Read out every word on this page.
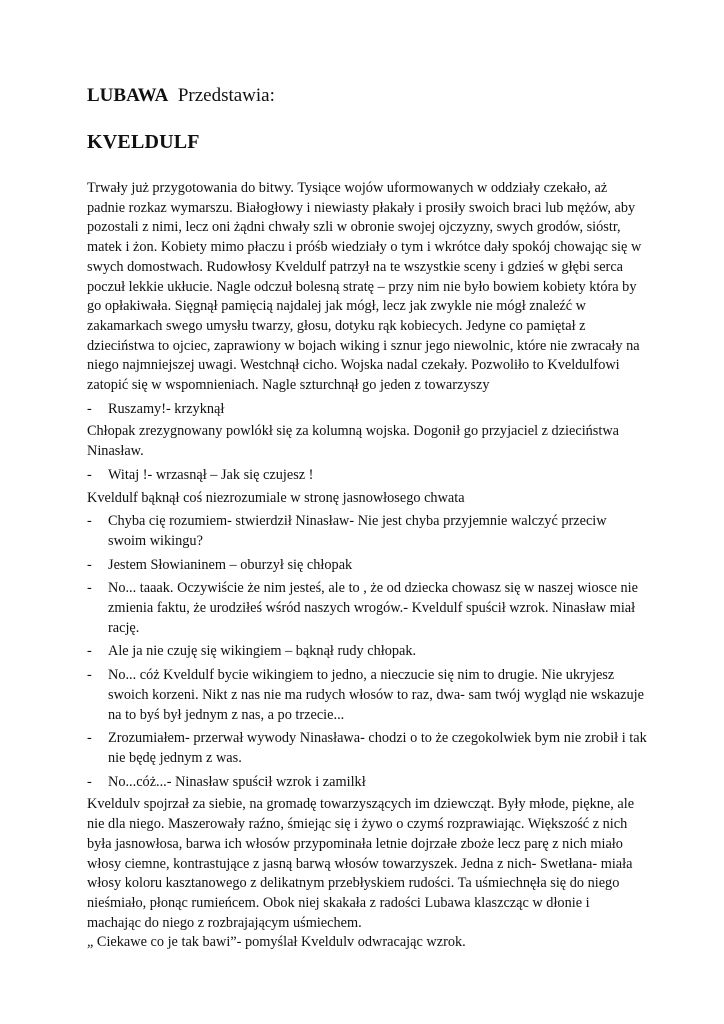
LUBAWA Przedstawia:

KVELDULF

Trwały już przygotowania do bitwy. Tysiące wojów uformowanych w oddziały czekało, aż padnie rozkaz wymarszu. Białogłowy i niewiasty płakały i prosiły swoich braci lub mężów, aby pozostali z nimi, lecz oni żądni chwały szli w obronie swojej ojczyzny, swych grodów, sióstr, matek i żon. Kobiety mimo płaczu i próśb wiedziały o tym i wkrótce dały spokój chowając się w swych domostwach. Rudowłosy Kveldulf patrzył na te wszystkie sceny i gdzieś w głębi serca poczuł lekkie ukłucie. Nagle odczuł bolesną stratę – przy nim nie było bowiem kobiety która by go opłakiwała. Sięgnął pamięcią najdalej jak mógł, lecz jak zwykle nie mógł znaleźć w zakamarkach swego umysłu twarzy, głosu, dotyku rąk kobiecych. Jedyne co pamiętał z dzieciństwa to ojciec, zaprawiony w bojach wiking i sznur jego niewolnic, które nie zwracały na niego najmniejszej uwagi. Westchnął cicho. Wojska nadal czekały. Pozwoliło to Kveldulfowi zatopić się w wspomnieniach. Nagle szturchnął go jeden z towarzyszy

- Ruszamy!- krzyknął

Chłopak zrezygnowany powlókł się za kolumną wojska. Dogonił go przyjaciel z dzieciństwa Ninasław.

- Witaj !- wrzasnął – Jak się czujesz !

Kveldulf bąknął coś niezrozumiale w stronę jasnowłosego chwata

- Chyba cię rozumiem- stwierdził Ninasław- Nie jest chyba przyjemnie walczyć przeciw swoim wikingu?
- Jestem Słowianinem – oburzył się chłopak
- No... taaak. Oczywiście że nim jesteś, ale to , że od dziecka chowasz się w naszej wiosce nie zmienia faktu, że urodziłeś wśród naszych wrogów.- Kveldulf spuścił wzrok. Ninasław miał rację.
- Ale ja nie czuję się wikingiem – bąknął rudy chłopak.
- No... cóż Kveldulf bycie wikingiem to jedno, a nieczucie się nim to drugie. Nie ukryjesz swoich korzeni. Nikt z nas nie ma rudych włosów to raz, dwa- sam twój wygląd nie wskazuje na to byś był jednym z nas, a po trzecie...
- Zrozumiałem- przerwał wywody Ninasława- chodzi o to że czegokolwiek bym nie zrobił i tak nie będę jednym z was.
- No...cóż...- Ninasław spuścił wzrok i zamilkł

Kveldulv spojrzał za siebie, na gromadę towarzyszących im dziewcząt. Były młode, piękne, ale nie dla niego. Maszerowały raźno, śmiejąc się i żywo o czymś rozprawiając. Większość z nich była jasnowłosa, barwa ich włosów przypominała letnie dojrzałe zboże lecz parę z nich miało włosy ciemne, kontrastujące z jasną barwą włosów towarzyszek. Jedna z nich- Swetłana- miała włosy koloru kasztanowego z delikatnym przebłyskiem rudości. Ta uśmiechnęła się do niego nieśmiało, płonąc rumieńcem. Obok niej skakała z radości Lubawa klaszcząc w dłonie i machając do niego z rozbrajającym uśmiechem.

„ Ciekawe co je tak bawi”- pomyślał Kveldulv odwracając wzrok.
